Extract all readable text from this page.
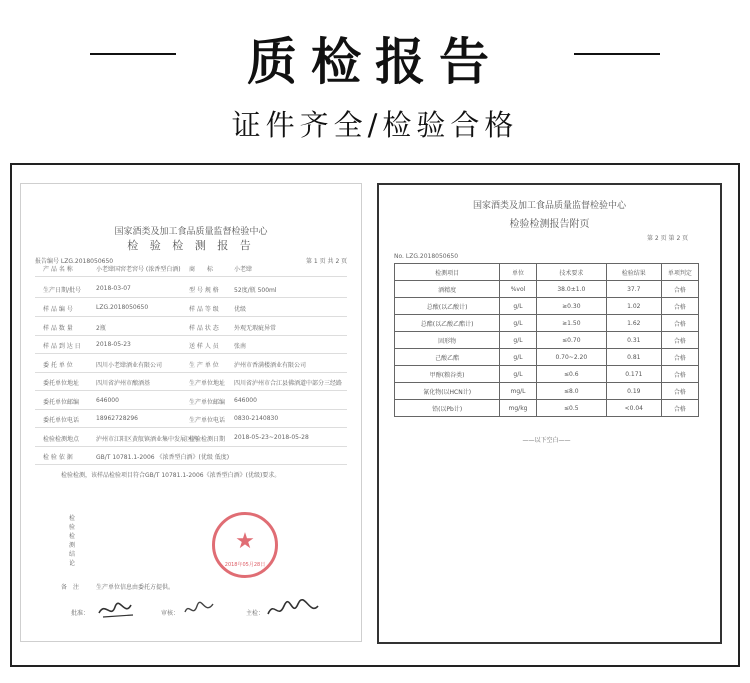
质检报告
证件齐全/检验合格
国家酒类及加工食品质量监督检验中心
检 验 检 测 报 告
报告编号 LZG.2018050650	第 1 页 共 2 页
产 品 名 称	小老肆国窖老窖号 (浓香型白酒) 商　　标	小老肆
生产日期/批号 2018-03-07	型 号 规 格	52度/瓶 500ml
样 品 编 号	LZG.2018050650	样 品 等 级	优级
样 品 数 量	2瓶	样 品 状 态	外观无瑕疵异常
样 品 到 达 日	2018-05-23	送 样 人 员	张南
委 托 单 位	四川小老肆酒业有限公司	生 产 单 位	泸州市香满楼酒业有限公司
委托单位地址	四川省泸州市酿酒基	生产单位地址 四川省泸州市合江县佛酒道中部分三经路
委托单位邮编	646000	生产单位邮编 646000
委托单位电话	18962728296	生产单位电话 0830-2140830
检验检测地点	泸州市江阳区黄舣镇酒业集中发展区内
检验检测日期 2018-05-23~2018-05-28
检 验 依 据	GB/T 10781.1-2006 《浓香型白酒》(优级 低度)
检验检测，该样品检验项目符合GB/T 10781.1-2006《浓香型白酒》(优级)要求。
检验检测结论
备　注	生产单位信息由委托方提供。
批准：	审核：	主检：
★
2018年05月28日
国家酒类及加工食品质量监督检验中心
检验检测报告附页
第 2 页 第 2 页
No. LZG.2018050650
检测项目	单位	技术要求	检验结果	单项判定
酒精度	%vol	38.0±1.0	37.7	合格
总酸(以乙酸计)	g/L	≥0.30	1.02	合格
总酯(以乙酸乙酯计)	g/L	≥1.50	1.62	合格
固形物	g/L	≤0.70	0.31	合格
己酸乙酯	g/L	0.70~2.20	0.81	合格
甲醇(粮谷类)	g/L	≤0.6	0.171	合格
氰化物(以HCN计)	mg/L	≤8.0	0.19	合格
铅(以Pb计)	mg/kg	≤0.5	<0.04	合格
——以下空白——
